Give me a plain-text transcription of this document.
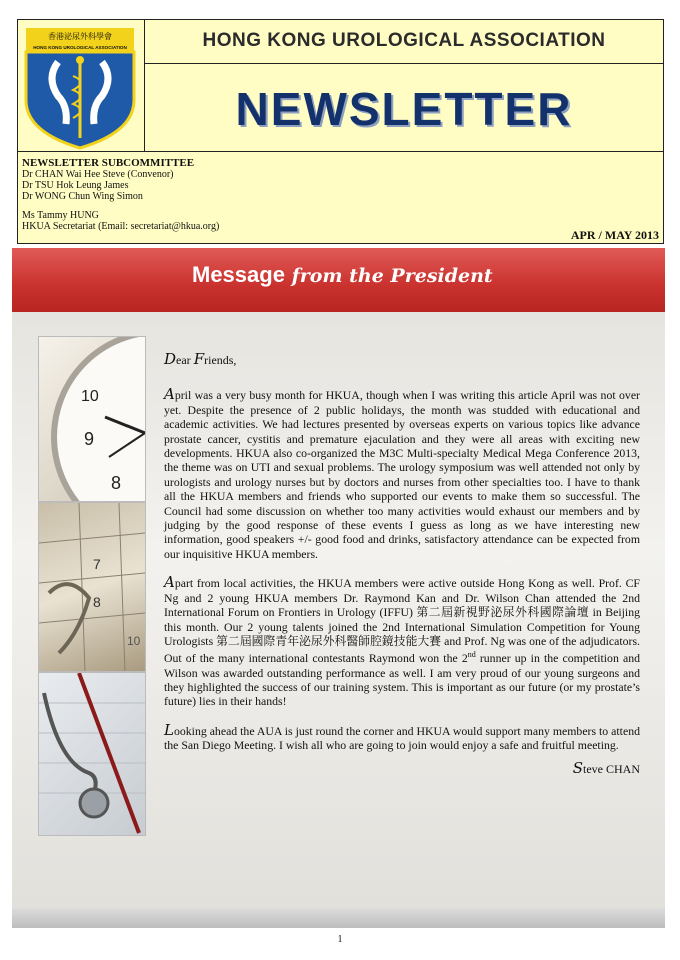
香港泌尿外科學會
HONG KONG UROLOGICAL ASSOCIATION	HONG KONG UROLOGICAL ASSOCIATION
NEWSLETTER
NEWSLETTER SUBCOMMITTEE
Dr CHAN Wai Hee Steve (Convenor)
Dr TSU Hok Leung James
Dr WONG Chun Wing Simon
Ms Tammy HUNG
HKUA Secretariat (Email: secretariat@hkua.org)
APR / MAY 2013
Message from the President
10
9
8
7
8
10

Dear Friends,

April was a very busy month for HKUA, though when I was writing this article April was not over yet. Despite the presence of 2 public holidays, the month was studded with educational and academic activities. We had lectures presented by overseas experts on various topics like advance prostate cancer, cystitis and premature ejaculation and they were all areas with exciting new developments. HKUA also co-organized the M3C Multi-specialty Medical Mega Conference 2013, the theme was on UTI and sexual problems. The urology symposium was well attended not only by urologists and urology nurses but by doctors and nurses from other specialties too. I have to thank all the HKUA members and friends who supported our events to make them so successful. The Council had some discussion on whether too many activities would exhaust our members and by judging by the good response of these events I guess as long as we have interesting new information, good speakers +/- good food and drinks, satisfactory attendance can be expected from our inquisitive HKUA members.

Apart from local activities, the HKUA members were active outside Hong Kong as well. Prof. CF Ng and 2 young HKUA members Dr. Raymond Kan and Dr. Wilson Chan attended the 2nd International Forum on Frontiers in Urology (IFFU) 第二屆新視野泌尿外科國際論壇 in Beijing this month. Our 2 young talents joined the 2nd International Simulation Competition for Young Urologists 第二屆國際青年泌尿外科醫師腔鏡技能大賽 and Prof. Ng was one of the adjudicators. Out of the many international contestants Raymond won the 2nd runner up in the competition and Wilson was awarded outstanding performance as well. I am very proud of our young surgeons and they highlighted the success of our training system. This is important as our future (or my prostate’s future) lies in their hands!

Looking ahead the AUA is just round the corner and HKUA would support many members to attend the San Diego Meeting. I wish all who are going to join would enjoy a safe and fruitful meeting.

Steve CHAN

1
